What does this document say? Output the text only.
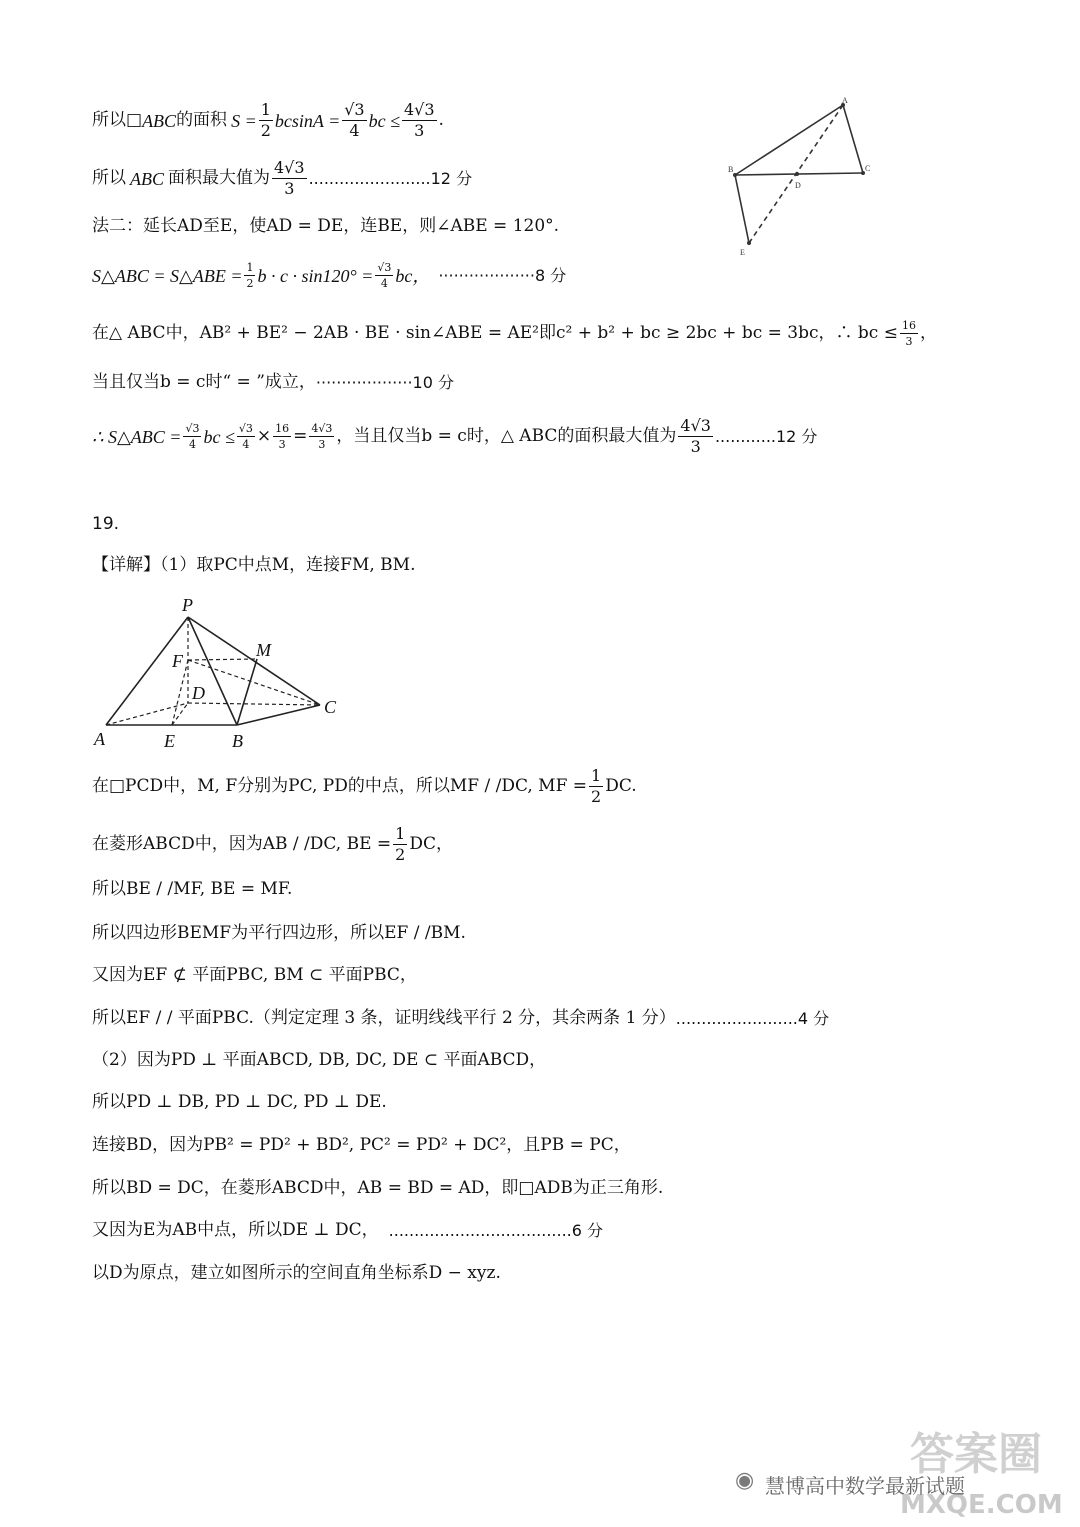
所以□ ABC 的面积 $S = \frac{1}{2}$ $bcsinA = \frac{√3}{4}$ bc ≤ $\frac{4√3}{3}$ .
所以 ABC 面积最大值为 $\frac{4√3}{3} ........................12$ 分
法二：延长AD至E，使AD = DE，连BE，则∠ABE = 120°.
S△ABC = S△ABE = $\frac{1}{2}$ $b \cdot c \cdot \sin 120^\circ = \frac{√3}{4}$ bc， ···················8 分
在△ ABC中，AB² + BE² − 2AB · BE · sin∠ABE = AE²即c² + b² + bc ≥ 2bc + bc = 3bc，∴ bc ≤ $\frac{16}{3}$ ，
当且仅当b = c时“ = ”成立， ···················10 分
∴ S△ABC = $\frac{√3}{4}$ bc ≤ $\frac{√3}{4} \times \frac{16}{3} = \frac{4√3}{3}$ ，当且仅当b = c时，△ ABC的面积最大值为 $\frac{4√3}{3} ............12$ 分
A
B	C
D
E
19.
【详解】（1）取PC中点M，连接FM, BM.
P
M
F
D
C
A	E	B
在□PCD中，M, F分别为PC, PD的中点，所以MF / /DC, MF = $\frac{1}{2}$ DC.
在菱形ABCD中，因为AB / /DC, BE = $\frac{1}{2}$ DC，
所以BE / /MF, BE = MF.
所以四边形BEMF为平行四边形，所以EF / /BM.
又因为EF ⊄ 平面PBC, BM ⊂ 平面PBC，
所以EF / / 平面PBC.（判定定理 3 条，证明线线平行 2 分，其余两条 1 分） ........................4 分
（2）因为PD ⊥ 平面ABCD, DB, DC, DE ⊂ 平面ABCD，
所以PD ⊥ DB, PD ⊥ DC, PD ⊥ DE.
连接BD，因为PB² = PD² + BD², PC² = PD² + DC²，且PB = PC，
所以BD = DC，在菱形ABCD中，AB = BD = AD，即□ADB为正三角形.
又因为E为AB中点，所以DE ⊥ DC， ....................................6 分
以D为原点，建立如图所示的空间直角坐标系D − xyz.
◉ 慧博高中数学最新试题
答案圈
MXQE.COM
